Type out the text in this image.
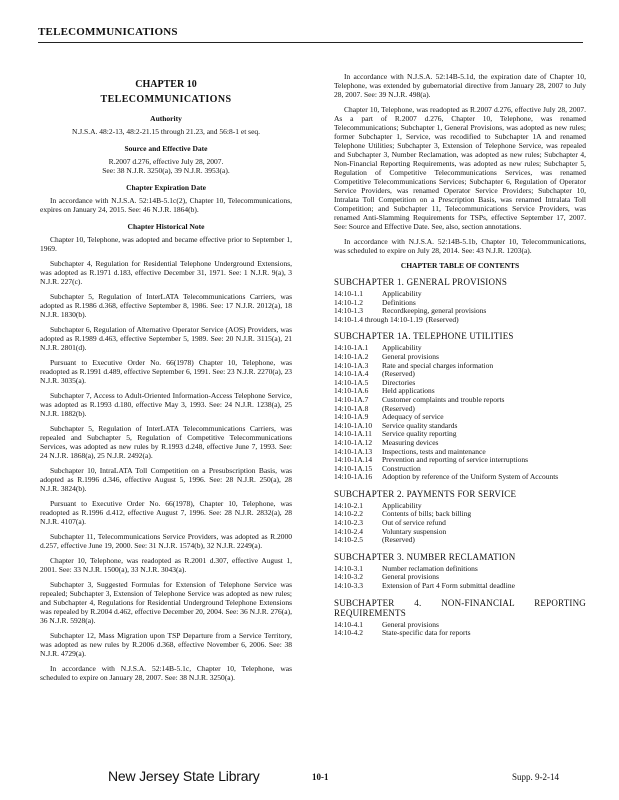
TELECOMMUNICATIONS
CHAPTER 10
TELECOMMUNICATIONS
Authority
N.J.S.A. 48:2-13, 48:2-21.15 through 21.23, and 56:8-1 et seq.
Source and Effective Date
R.2007 d.276, effective July 28, 2007.
See: 38 N.J.R. 3250(a), 39 N.J.R. 3953(a).
Chapter Expiration Date

In accordance with N.J.S.A. 52:14B-5.1c(2), Chapter 10, Telecommunications, expires on January 24, 2015. See: 46 N.J.R. 1864(b).

Chapter Historical Note

Chapter 10, Telephone, was adopted and became effective prior to September 1, 1969.

Subchapter 4, Regulation for Residential Telephone Underground Extensions, was adopted as R.1971 d.183, effective December 31, 1971. See: 1 N.J.R. 9(a), 3 N.J.R. 227(c).

Subchapter 5, Regulation of InterLATA Telecommunications Carriers, was adopted as R.1986 d.368, effective September 8, 1986. See: 17 N.J.R. 2012(a), 18 N.J.R. 1830(b).

Subchapter 6, Regulation of Alternative Operator Service (AOS) Providers, was adopted as R.1989 d.463, effective September 5, 1989. See: 20 N.J.R. 3115(a), 21 N.J.R. 2801(d).

Pursuant to Executive Order No. 66(1978) Chapter 10, Telephone, was readopted as R.1991 d.489, effective September 6, 1991. See: 23 N.J.R. 2270(a), 23 N.J.R. 3035(a).

Subchapter 7, Access to Adult-Oriented Information-Access Telephone Service, was adopted as R.1993 d.180, effective May 3, 1993. See: 24 N.J.R. 1238(a), 25 N.J.R. 1882(b).

Subchapter 5, Regulation of InterLATA Telecommunications Carriers, was repealed and Subchapter 5, Regulation of Competitive Telecommunications Services, was adopted as new rules by R.1993 d.248, effective June 7, 1993. See: 24 N.J.R. 1868(a), 25 N.J.R. 2492(a).

Subchapter 10, IntraLATA Toll Competition on a Presubscription Basis, was adopted as R.1996 d.346, effective August 5, 1996. See: 28 N.J.R. 250(a), 28 N.J.R. 3824(b).

Pursuant to Executive Order No. 66(1978), Chapter 10, Telephone, was readopted as R.1996 d.412, effective August 7, 1996. See: 28 N.J.R. 2832(a), 28 N.J.R. 4107(a).

Subchapter 11, Telecommunications Service Providers, was adopted as R.2000 d.257, effective June 19, 2000. See: 31 N.J.R. 1574(b), 32 N.J.R. 2249(a).

Chapter 10, Telephone, was readopted as R.2001 d.307, effective August 1, 2001. See: 33 N.J.R. 1500(a), 33 N.J.R. 3043(a).

Subchapter 3, Suggested Formulas for Extension of Telephone Service was repealed; Subchapter 3, Extension of Telephone Service was adopted as new rules; and Subchapter 4, Regulations for Residential Underground Telephone Extensions was repealed by R.2004 d.462, effective December 20, 2004. See: 36 N.J.R. 276(a), 36 N.J.R. 5928(a).

Subchapter 12, Mass Migration upon TSP Departure from a Service Territory, was adopted as new rules by R.2006 d.368, effective November 6, 2006. See: 38 N.J.R. 4729(a).

In accordance with N.J.S.A. 52:14B-5.1c, Chapter 10, Telephone, was scheduled to expire on January 28, 2007. See: 38 N.J.R. 3250(a).

In accordance with N.J.S.A. 52:14B-5.1d, the expiration date of Chapter 10, Telephone, was extended by gubernatorial directive from January 28, 2007 to July 28, 2007. See: 39 N.J.R. 498(a).

Chapter 10, Telephone, was readopted as R.2007 d.276, effective July 28, 2007. As a part of R.2007 d.276, Chapter 10, Telephone, was renamed Telecommunications; Subchapter 1, General Provisions, was adopted as new rules; former Subchapter 1, Service, was recodified to Subchapter 1A and renamed Telephone Utilities; Subchapter 3, Extension of Telephone Service, was repealed and Subchapter 3, Number Reclamation, was adopted as new rules; Subchapter 4, Non-Financial Reporting Requirements, was adopted as new rules; Subchapter 5, Regulation of Competitive Telecommunications Services, was renamed Competitive Telecommunications Services; Subchapter 6, Regulation of Operator Service Providers, was renamed Operator Service Providers; Subchapter 10, Intralata Toll Competition on a Prescription Basis, was renamed Intralata Toll Competition; and Subchapter 11, Telecommunications Service Providers, was renamed Anti-Slamming Requirements for TSPs, effective September 17, 2007. See: Source and Effective Date. See, also, section annotations.

In accordance with N.J.S.A. 52:14B-5.1b, Chapter 10, Telecommunications, was scheduled to expire on July 28, 2014. See: 43 N.J.R. 1203(a).

CHAPTER TABLE OF CONTENTS
SUBCHAPTER 1. GENERAL PROVISIONS
14:10-1.1	Applicability
14:10-1.2	Definitions
14:10-1.3	Recordkeeping, general provisions
14:10-1.4 through 14:10-1.19 (Reserved)
SUBCHAPTER 1A. TELEPHONE UTILITIES
14:10-1A.1	Applicability
14:10-1A.2	General provisions
14:10-1A.3	Rate and special charges information
14:10-1A.4	(Reserved)
14:10-1A.5	Directories
14:10-1A.6	Held applications
14:10-1A.7	Customer complaints and trouble reports
14:10-1A.8	(Reserved)
14:10-1A.9	Adequacy of service
14:10-1A.10	Service quality standards
14:10-1A.11	Service quality reporting
14:10-1A.12	Measuring devices
14:10-1A.13	Inspections, tests and maintenance
14:10-1A.14	Prevention and reporting of service interruptions
14:10-1A.15	Construction
14:10-1A.16	Adoption by reference of the Uniform System of Accounts
SUBCHAPTER 2. PAYMENTS FOR SERVICE
14:10-2.1	Applicability
14:10-2.2	Contents of bills; back billing
14:10-2.3	Out of service refund
14:10-2.4	Voluntary suspension
14:10-2.5	(Reserved)
SUBCHAPTER 3. NUMBER RECLAMATION
14:10-3.1	Number reclamation definitions
14:10-3.2	General provisions
14:10-3.3	Extension of Part 4 Form submittal deadline
SUBCHAPTER 4. NON-FINANCIAL REPORTING REQUIREMENTS
14:10-4.1	General provisions
14:10-4.2	State-specific data for reports
New Jersey State Library	10-1	Supp. 9-2-14
